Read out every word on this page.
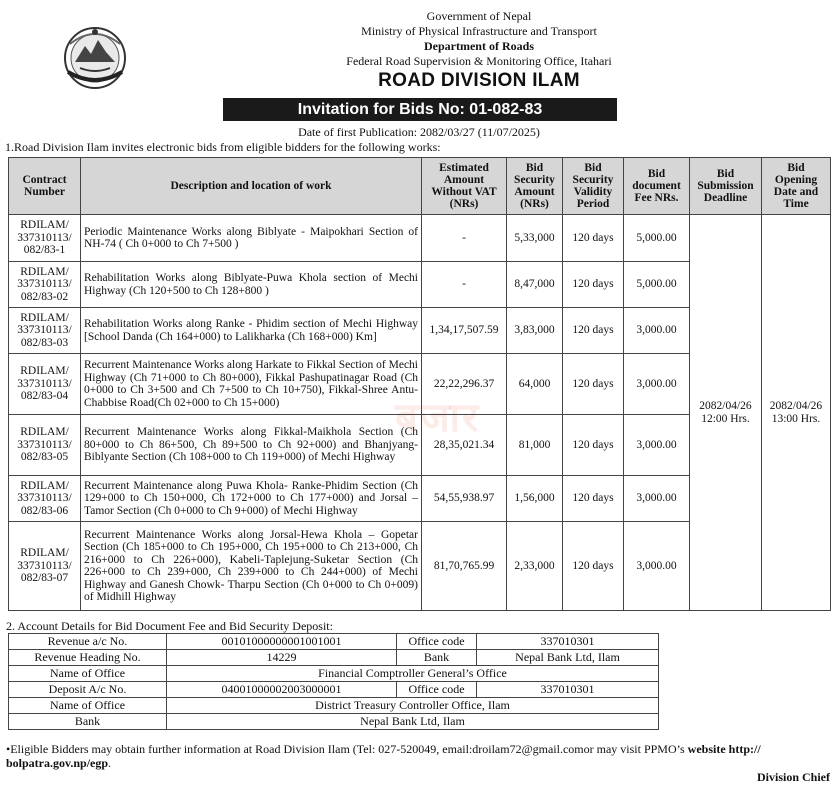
Government of Nepal
Ministry of Physical Infrastructure and Transport
Department of Roads
Federal Road Supervision & Monitoring Office, Itahari
ROAD DIVISION ILAM
Invitation for Bids No: 01-082-83
Date of first Publication: 2082/03/27 (11/07/2025)
1.Road Division Ilam invites electronic bids from eligible bidders for the following works:
बजार
Contract Number	Description and location of work	Estimated Amount Without VAT (NRs)	Bid Security Amount (NRs)	Bid Security Validity Period	Bid document Fee NRs.	Bid Submission Deadline	Bid Opening Date and Time
RDILAM/ 337310113/ 082/83-1	Periodic Maintenance Works along Biblyate - Maipokhari Section of NH-74 ( Ch 0+000 to Ch 7+500 )	-	5,33,000	120 days	5,000.00	2082/04/26 12:00 Hrs.	2082/04/26 13:00 Hrs.
RDILAM/ 337310113/ 082/83-02	Rehabilitation Works along Biblyate-Puwa Khola section of Mechi Highway (Ch 120+500 to Ch 128+800 )	-	8,47,000	120 days	5,000.00		
RDILAM/ 337310113/ 082/83-03	Rehabilitation Works along Ranke - Phidim section of Mechi Highway [School Danda (Ch 164+000) to Lalikharka (Ch 168+000) Km]	1,34,17,507.59	3,83,000	120 days	3,000.00		
RDILAM/ 337310113/ 082/83-04	Recurrent Maintenance Works along Harkate to Fikkal Section of Mechi Highway (Ch 71+000 to Ch 80+000), Fikkal Pashupatinagar Road (Ch 0+000 to Ch 3+500 and Ch 7+500 to Ch 10+750), Fikkal-Shree Antu-Chabbise Road(Ch 02+000 to Ch 15+000)	22,22,296.37	64,000	120 days	3,000.00		
RDILAM/ 337310113/ 082/83-05	Recurrent Maintenance Works along Fikkal-Maikhola Section (Ch 80+000 to Ch 86+500, Ch 89+500 to Ch 92+000) and Bhanjyang-Biblyante Section (Ch 108+000 to Ch 119+000) of Mechi Highway	28,35,021.34	81,000	120 days	3,000.00		
RDILAM/ 337310113/ 082/83-06	Recurrent Maintenance along Puwa Khola- Ranke-Phidim Section (Ch 129+000 to Ch 150+000, Ch 172+000 to Ch 177+000) and Jorsal –Tamor Section (Ch 0+000 to Ch 9+000) of Mechi Highway	54,55,938.97	1,56,000	120 days	3,000.00		
RDILAM/ 337310113/ 082/83-07	Recurrent Maintenance Works along Jorsal-Hewa Khola – Gopetar Section (Ch 185+000 to Ch 195+000, Ch 195+000 to Ch 213+000, Ch 216+000 to Ch 226+000), Kabeli-Taplejung-Suketar Section (Ch 226+000 to Ch 239+000, Ch 239+000 to Ch 244+000) of Mechi Highway and Ganesh Chowk- Tharpu Section (Ch 0+000 to Ch 0+009) of Midhill Highway	81,70,765.99	2,33,000	120 days	3,000.00		
2. Account Details for Bid Document Fee and Bid Security Deposit:
Revenue a/c No.	00101000000001001001	Office code	337010301
Revenue Heading No.	14229	Bank	Nepal Bank Ltd, Ilam
Name of Office	Financial Comptroller General’s Office		
Deposit A/c No.	04001000002003000001	Office code	337010301
Name of Office	District Treasury Controller Office, Ilam		
Bank	Nepal Bank Ltd, Ilam		
•Eligible Bidders may obtain further information at Road Division Ilam (Tel: 027-520049, email:droilam72@gmail.comor may visit PPMO’s website http:// bolpatra.gov.np/egp.
Division Chief
